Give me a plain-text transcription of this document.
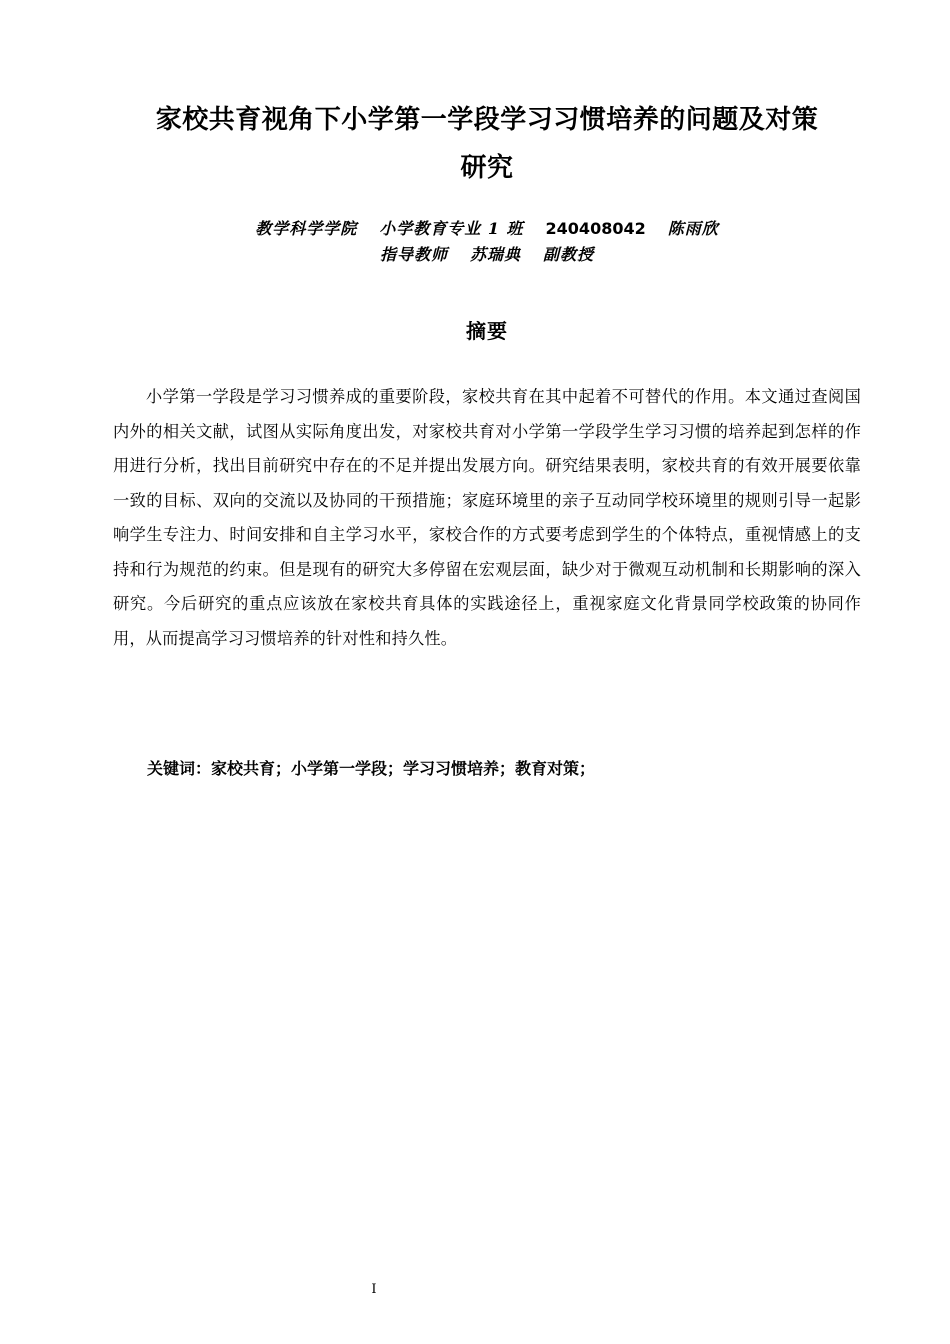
家校共育视角下小学第一学段学习习惯培养的问题及对策
研究
教学科学学院 小学教育专业 1 班 240408042 陈雨欣
指导教师 苏瑞典 副教授
摘要

小学第一学段是学习习惯养成的重要阶段，家校共育在其中起着不可替代的作用。本文通过查阅国内外的相关文献，试图从实际角度出发，对家校共育对小学第一学段学生学习习惯的培养起到怎样的作用进行分析，找出目前研究中存在的不足并提出发展方向。研究结果表明，家校共育的有效开展要依靠一致的目标、双向的交流以及协同的干预措施；家庭环境里的亲子互动同学校环境里的规则引导一起影响学生专注力、时间安排和自主学习水平，家校合作的方式要考虑到学生的个体特点，重视情感上的支持和行为规范的约束。但是现有的研究大多停留在宏观层面，缺少对于微观互动机制和长期影响的深入研究。今后研究的重点应该放在家校共育具体的实践途径上，重视家庭文化背景同学校政策的协同作用，从而提高学习习惯培养的针对性和持久性。

关键词：家校共育；小学第一学段；学习习惯培养；教育对策；

I
